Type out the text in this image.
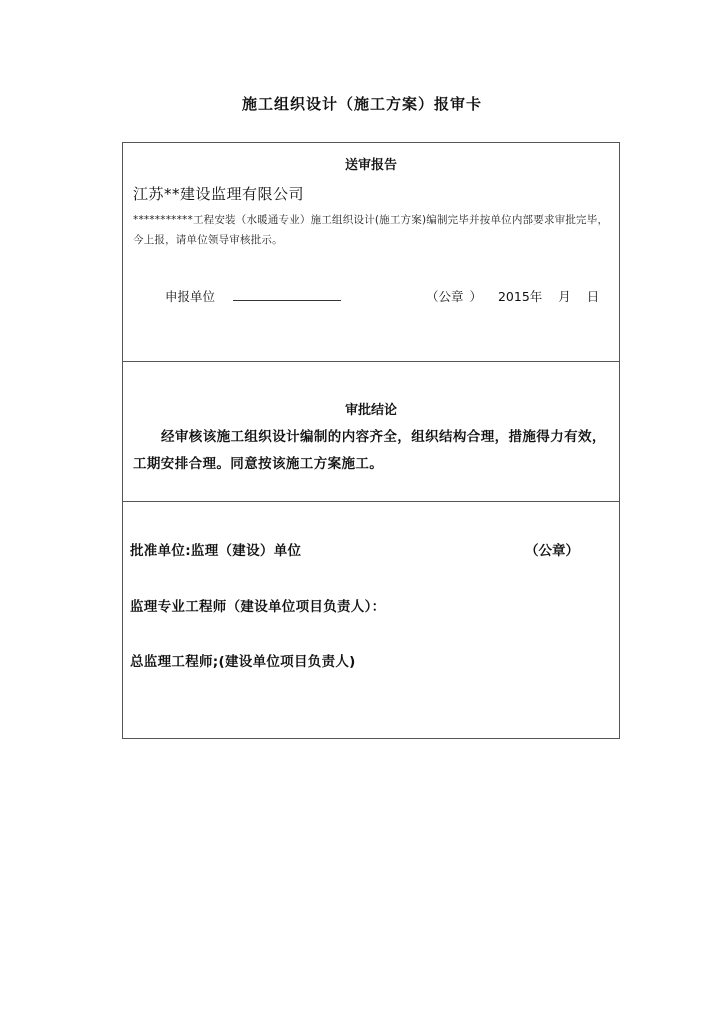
施工组织设计（施工方案）报审卡
送审报告
江苏**建设监理有限公司
***********工程安装（水暖通专业）施工组织设计(施工方案)编制完毕并按单位内部要求审批完毕，今上报，请单位领导审核批示。
申报单位	（公章 ） 2015年 月 日
审批结论
经审核该施工组织设计编制的内容齐全，组织结构合理，措施得力有效，工期安排合理。同意按该施工方案施工。
批准单位:监理（建设）单位	（公章）
监理专业工程师（建设单位项目负责人）：
总监理工程师;(建设单位项目负责人)
